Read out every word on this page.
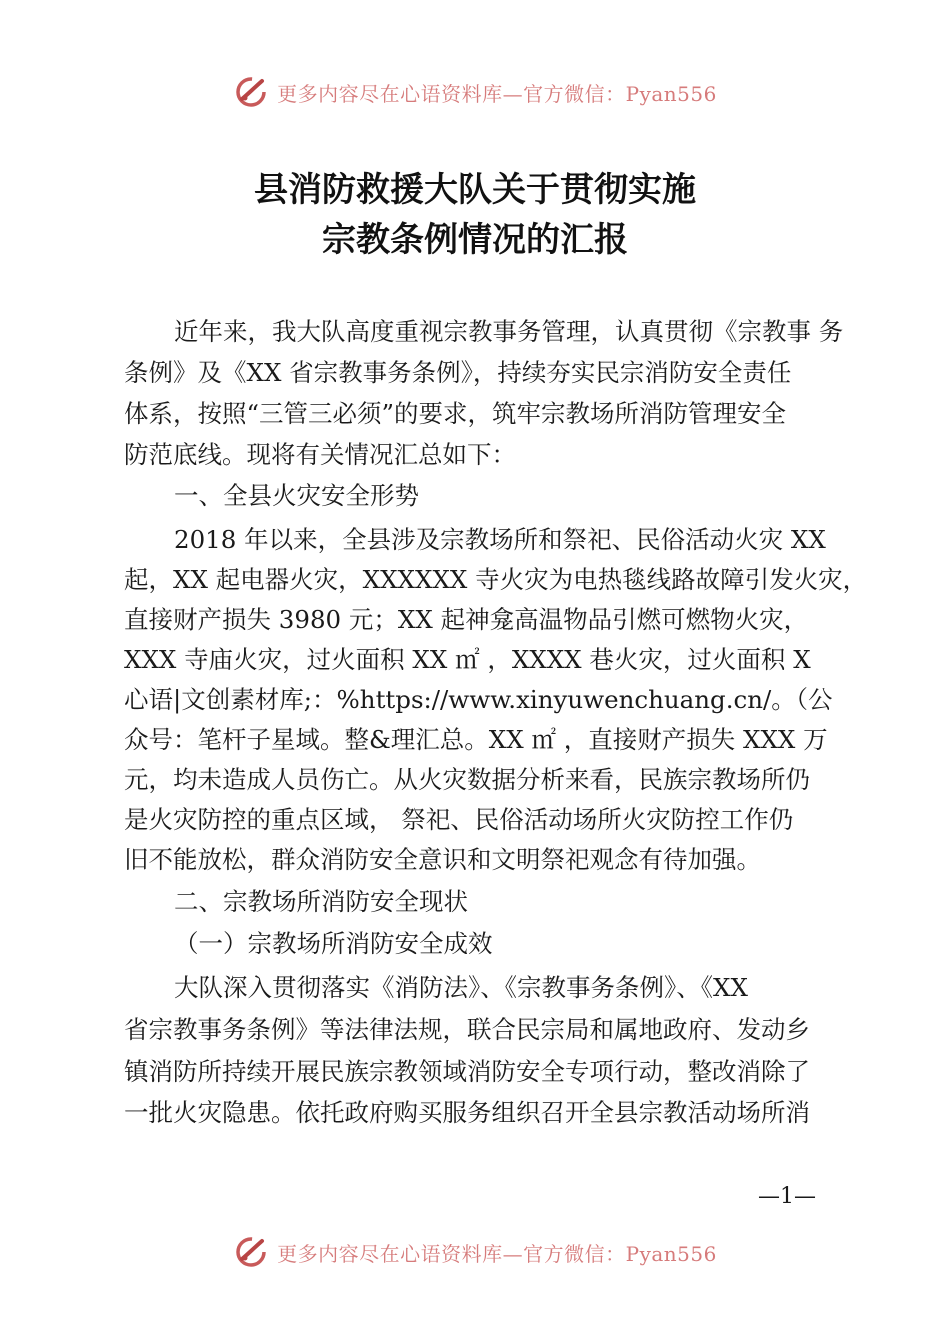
更多内容尽在心语资料库—官方微信：Pyan556
县消防救援大队关于贯彻实施
宗教条例情况的汇报
近年来，我大队高度重视宗教事务管理，认真贯彻《宗教事 务
条例》及《XX 省宗教事务条例》，持续夯实民宗消防安全责任
体系，按照“三管三必须”的要求，筑牢宗教场所消防管理安全
防范底线。现将有关情况汇总如下：
一、全县火灾安全形势
2018 年以来，全县涉及宗教场所和祭祀、民俗活动火灾 XX
起，XX 起电器火灾，XXXXXX 寺火灾为电热毯线路故障引发火灾，
直接财产损失 3980 元；XX 起神龛高温物品引燃可燃物火灾，
XXX 寺庙火灾，过火面积 XX ㎡ ，XXXX 巷火灾，过火面积 X
心语|文创素材库;：%https://www.xinyuwenchuang.cn/。（公
众号：笔杆子星域。整&理汇总。XX ㎡ ，直接财产损失 XXX 万
元，均未造成人员伤亡。从火灾数据分析来看，民族宗教场所仍
是火灾防控的重点区域， 祭祀、民俗活动场所火灾防控工作仍
旧不能放松，群众消防安全意识和文明祭祀观念有待加强。
二、宗教场所消防安全现状
（一）宗教场所消防安全成效
大队深入贯彻落实《消防法》、《宗教事务条例》、《XX
省宗教事务条例》等法律法规，联合民宗局和属地政府、发动乡
镇消防所持续开展民族宗教领域消防安全专项行动，整改消除了
一批火灾隐患。依托政府购买服务组织召开全县宗教活动场所消
—1—
更多内容尽在心语资料库—官方微信：Pyan556
